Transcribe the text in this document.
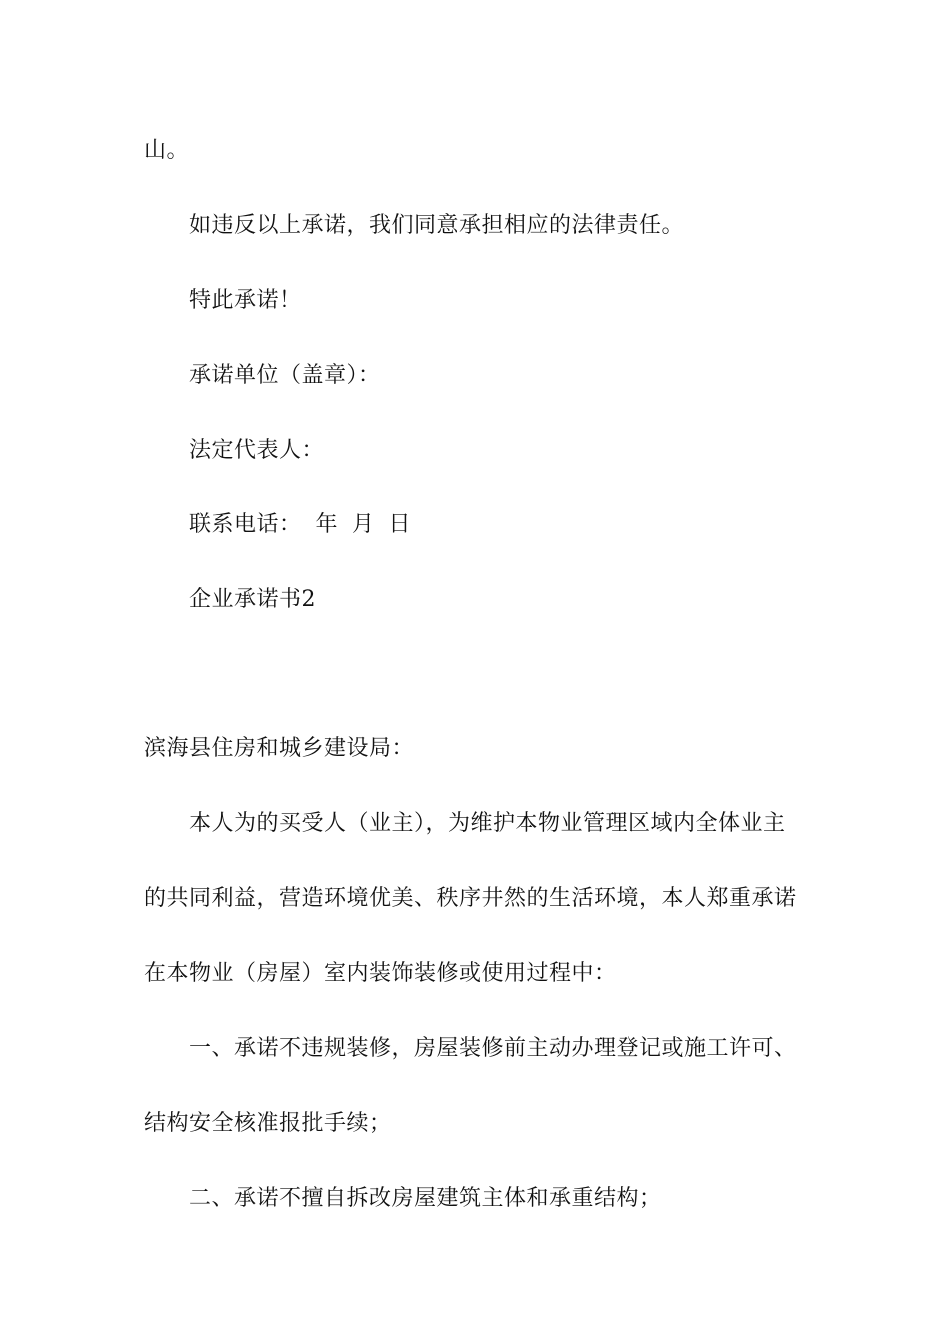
山。
如违反以上承诺，我们同意承担相应的法律责任。
特此承诺！
承诺单位（盖章）：
法定代表人：
联系电话： 年 月 日
企业承诺书2
滨海县住房和城乡建设局：
本人为的买受人（业主），为维护本物业管理区域内全体业主
的共同利益，营造环境优美、秩序井然的生活环境，本人郑重承诺
在本物业（房屋）室内装饰装修或使用过程中：
一、承诺不违规装修，房屋装修前主动办理登记或施工许可、
结构安全核准报批手续；
二、承诺不擅自拆改房屋建筑主体和承重结构；
